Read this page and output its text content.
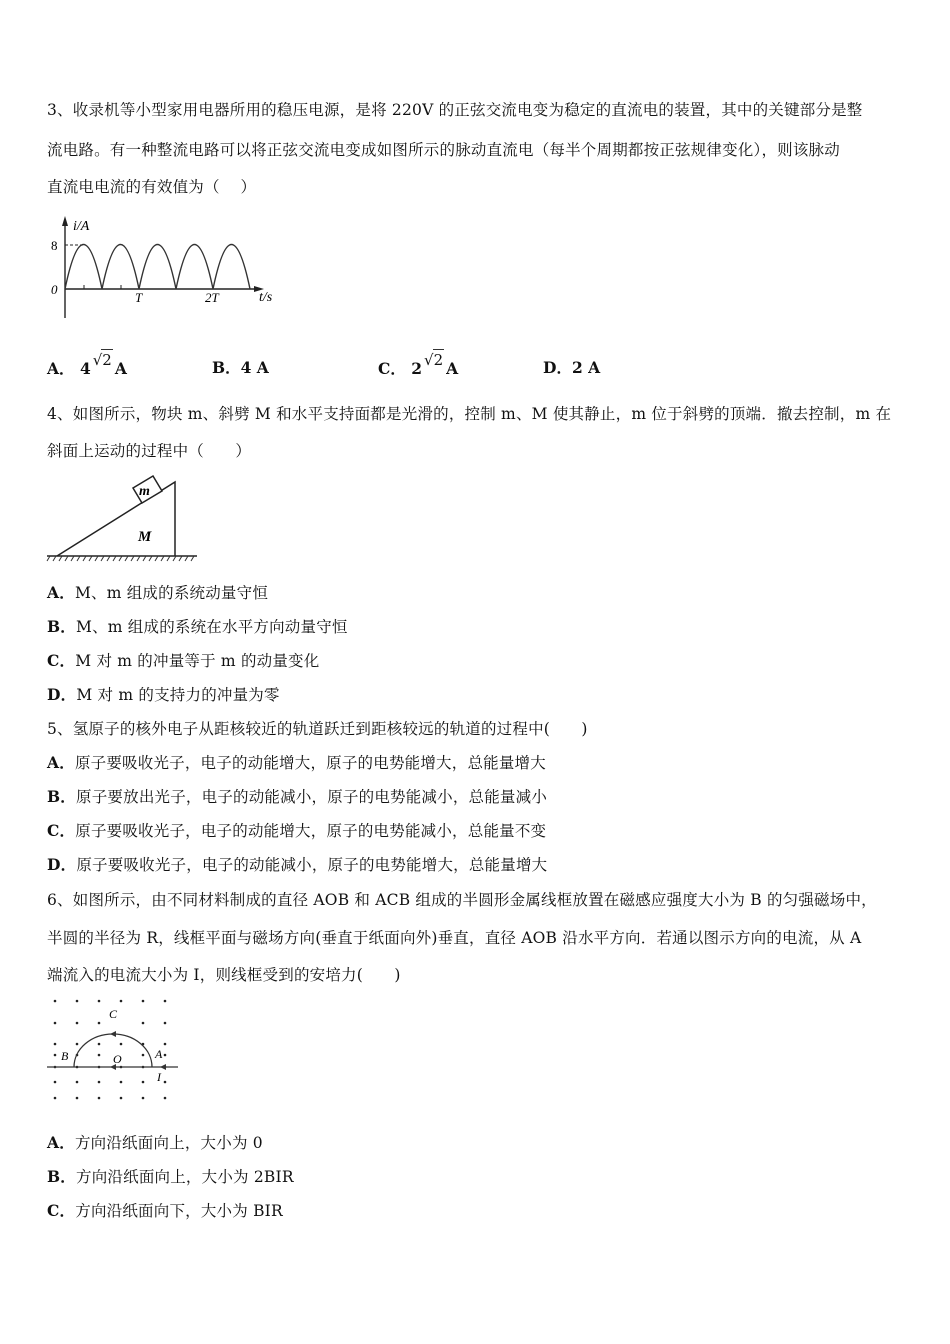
3、收录机等小型家用电器所用的稳压电源，是将 220V 的正弦交流电变为稳定的直流电的装置，其中的关键部分是整
流电路。有一种整流电路可以将正弦交流电变成如图所示的脉动直流电（每半个周期都按正弦规律变化），则该脉动
直流电电流的有效值为（　 ）
i/A
8
0
T	2T	t/s
A． 4 √2 A	B．4 A	C． 2 √2 A	D．2 A
4、如图所示，物块 m、斜劈 M 和水平支持面都是光滑的，控制 m、M 使其静止，m 位于斜劈的顶端．撤去控制，m 在
斜面上运动的过程中（　　）
m
M
A．M、m 组成的系统动量守恒
B．M、m 组成的系统在水平方向动量守恒
C．M 对 m 的冲量等于 m 的动量变化
D．M 对 m 的支持力的冲量为零
5、氢原子的核外电子从距核较近的轨道跃迁到距核较远的轨道的过程中(　　)
A．原子要吸收光子，电子的动能增大，原子的电势能增大，总能量增大
B．原子要放出光子，电子的动能减小，原子的电势能减小，总能量减小
C．原子要吸收光子，电子的动能增大，原子的电势能减小，总能量不变
D．原子要吸收光子，电子的动能减小，原子的电势能增大，总能量增大
6、如图所示，由不同材料制成的直径 AOB 和 ACB 组成的半圆形金属线框放置在磁感应强度大小为 B 的匀强磁场中，
半圆的半径为 R，线框平面与磁场方向(垂直于纸面向外)垂直，直径 AOB 沿水平方向．若通以图示方向的电流，从 A
端流入的电流大小为 I，则线框受到的安培力(　　)
C
B	O	A
I
A．方向沿纸面向上，大小为 0
B．方向沿纸面向上，大小为 2BIR
C．方向沿纸面向下，大小为 BIR
